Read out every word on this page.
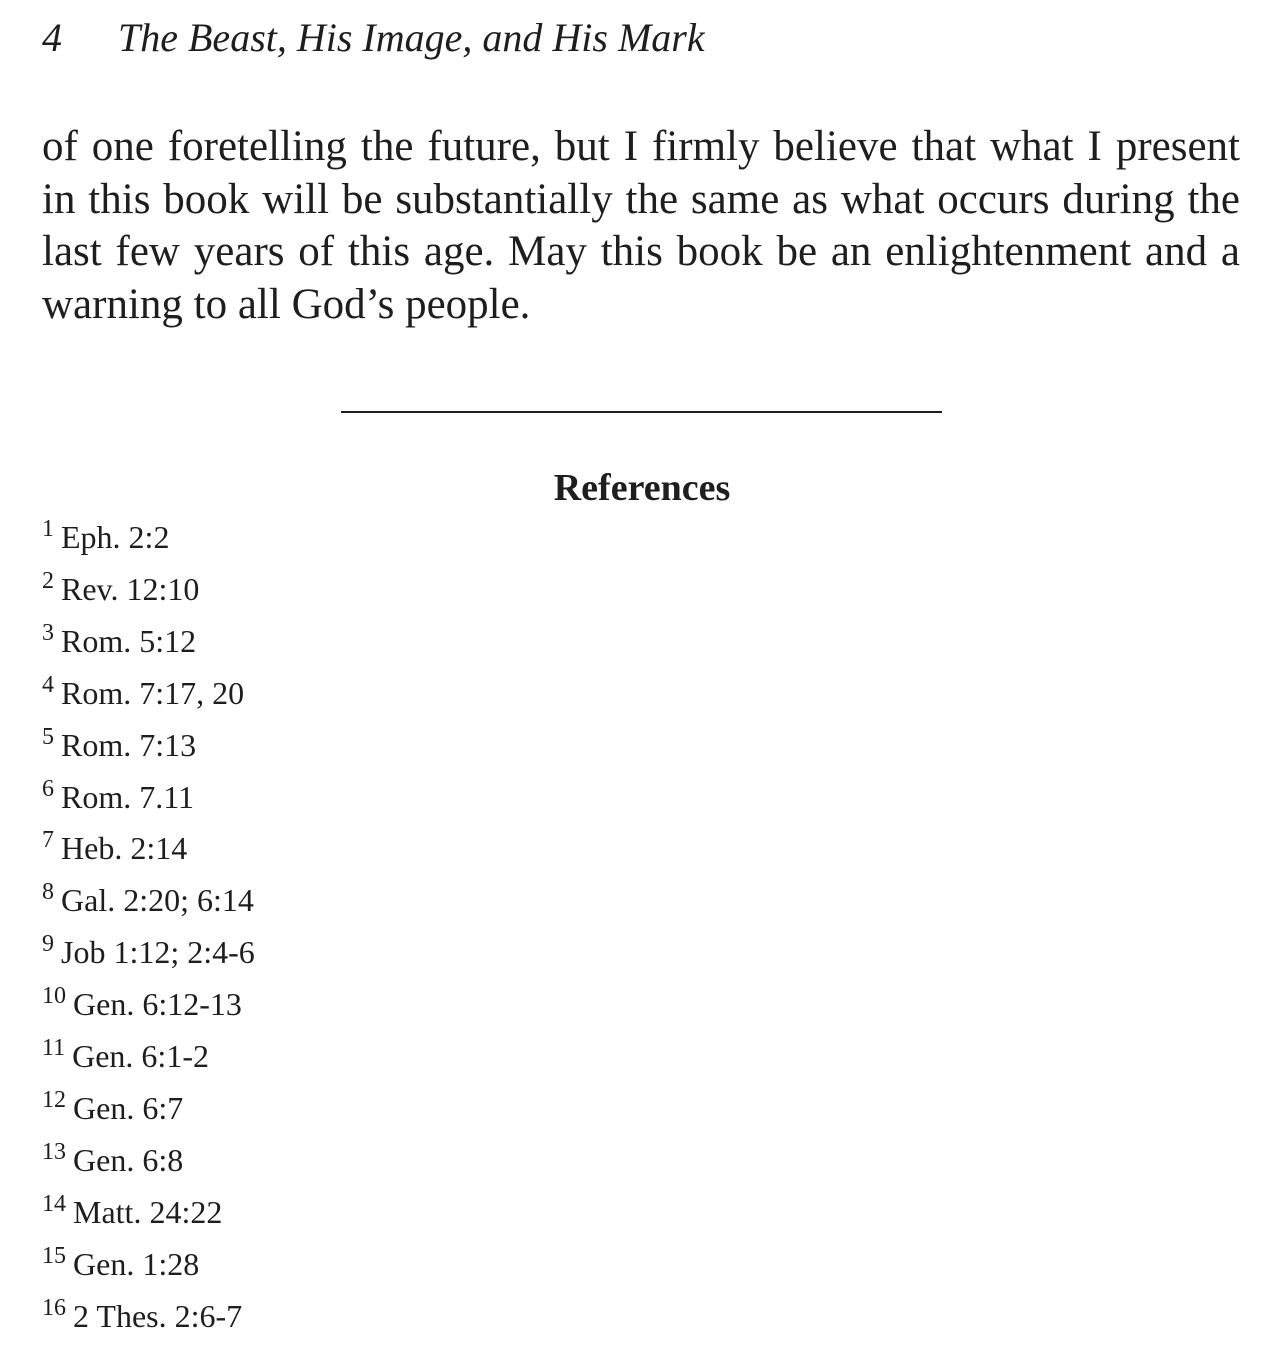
4 The Beast, His Image, and His Mark

of one foretelling the future, but I firmly believe that what I present in this book will be substantially the same as what occurs during the last few years of this age. May this book be an enlightenment and a warning to all God’s people.

References
$^1$ Eph. 2:2
$^2$ Rev. 12:10
$^3$ Rom. 5:12
$^4$ Rom. 7:17, 20
$^5$ Rom. 7:13
$^6$ Rom. 7.11
$^7$ Heb. 2:14
$^8$ Gal. 2:20; 6:14
$^9$ Job 1:12; 2:4-6
$^{10}$ Gen. 6:12-13
$^{11}$ Gen. 6:1-2
$^{12}$ Gen. 6:7
$^{13}$ Gen. 6:8
$^{14}$ Matt. 24:22
$^{15}$ Gen. 1:28
$^{16}$ 2 Thes. 2:6-7
